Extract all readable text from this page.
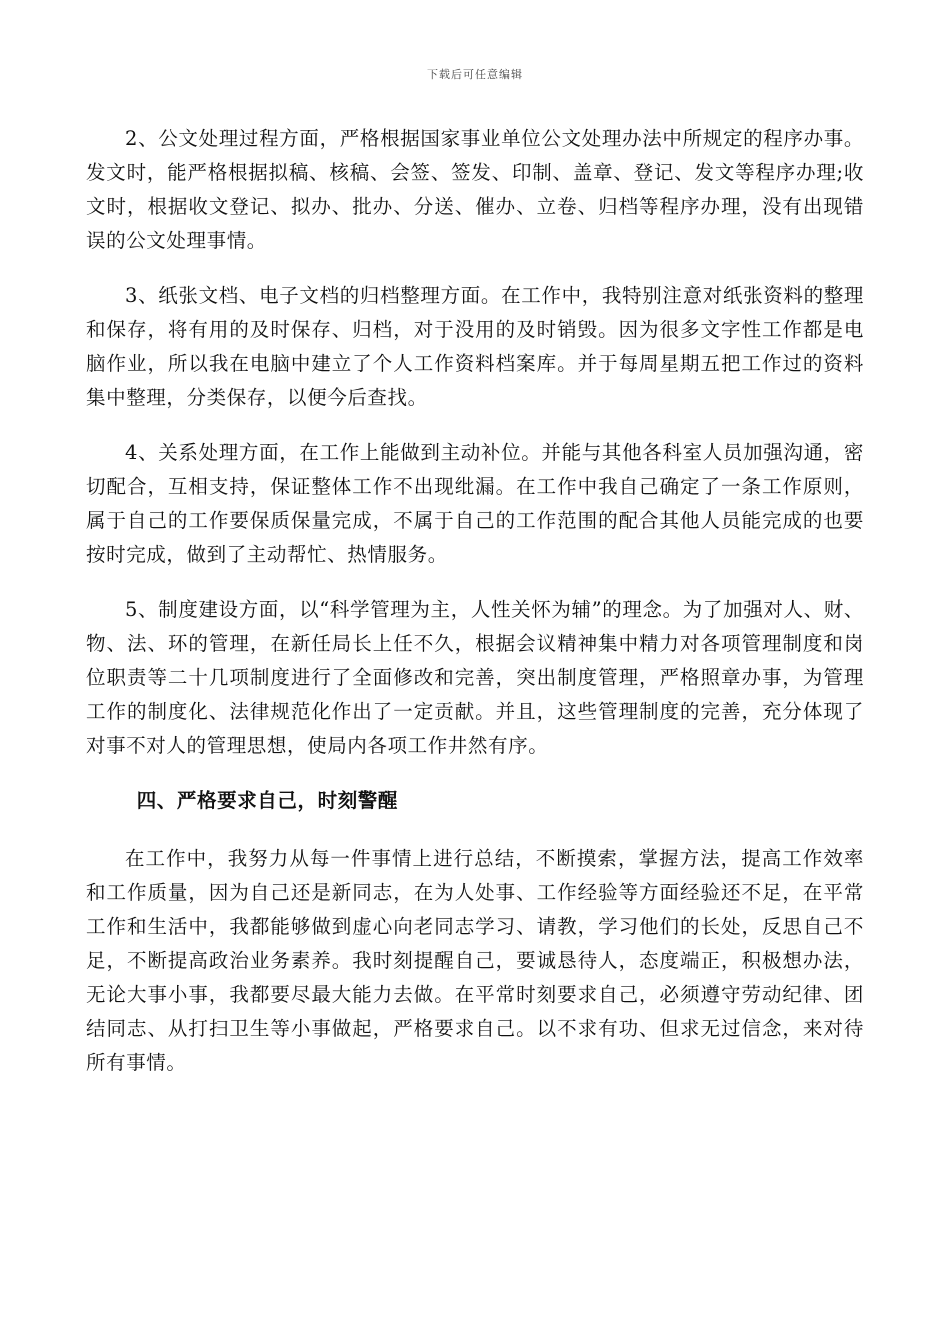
下载后可任意编辑

2、公文处理过程方面，严格根据国家事业单位公文处理办法中所规定的程序办事。发文时，能严格根据拟稿、核稿、会签、签发、印制、盖章、登记、发文等程序办理;收文时，根据收文登记、拟办、批办、分送、催办、立卷、归档等程序办理，没有出现错误的公文处理事情。

3、纸张文档、电子文档的归档整理方面。在工作中，我特别注意对纸张资料的整理和保存，将有用的及时保存、归档，对于没用的及时销毁。因为很多文字性工作都是电脑作业，所以我在电脑中建立了个人工作资料档案库。并于每周星期五把工作过的资料集中整理，分类保存，以便今后查找。

4、关系处理方面，在工作上能做到主动补位。并能与其他各科室人员加强沟通，密切配合，互相支持，保证整体工作不出现纰漏。在工作中我自己确定了一条工作原则，属于自己的工作要保质保量完成，不属于自己的工作范围的配合其他人员能完成的也要按时完成，做到了主动帮忙、热情服务。

5、制度建设方面，以“科学管理为主，人性关怀为辅”的理念。为了加强对人、财、物、法、环的管理，在新任局长上任不久，根据会议精神集中精力对各项管理制度和岗位职责等二十几项制度进行了全面修改和完善，突出制度管理，严格照章办事，为管理工作的制度化、法律规范化作出了一定贡献。并且，这些管理制度的完善，充分体现了对事不对人的管理思想，使局内各项工作井然有序。

四、严格要求自己，时刻警醒

在工作中，我努力从每一件事情上进行总结，不断摸索，掌握方法，提高工作效率和工作质量，因为自己还是新同志，在为人处事、工作经验等方面经验还不足，在平常工作和生活中，我都能够做到虚心向老同志学习、请教，学习他们的长处，反思自己不足，不断提高政治业务素养。我时刻提醒自己，要诚恳待人，态度端正，积极想办法，无论大事小事，我都要尽最大能力去做。在平常时刻要求自己，必须遵守劳动纪律、团结同志、从打扫卫生等小事做起，严格要求自己。以不求有功、但求无过信念，来对待所有事情。
